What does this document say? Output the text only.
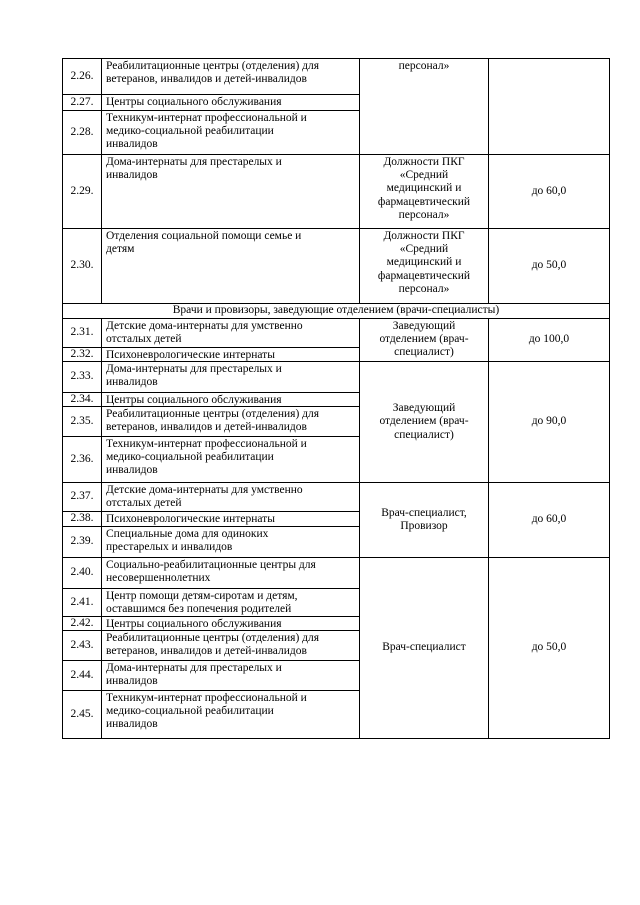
Врачи и провизоры, заведующие отделением (врачи-специалисты)
2.26.
Реабилитационные центры (отделения) для
ветеранов, инвалидов и детей-инвалидов
2.27. Центры социального обслуживания
2.28.
Техникум-интернат профессиональной и
медико-социальной реабилитации
инвалидов
2.29.
Дома-интернаты для престарелых и
инвалидов
2.30.
Отделения социальной помощи семье и
детям
2.31.
Детские дома-интернаты для умственно
отсталых детей
2.32. Психоневрологические интернаты
2.33.
Дома-интернаты для престарелых и
инвалидов
2.34. Центры социального обслуживания
2.35.
Реабилитационные центры (отделения) для
ветеранов, инвалидов и детей-инвалидов
2.36.
Техникум-интернат профессиональной и
медико-социальной реабилитации
инвалидов
2.37.
Детские дома-интернаты для умственно
отсталых детей
2.38. Психоневрологические интернаты
2.39.
Специальные дома для одиноких
престарелых и инвалидов
2.40.
Социально-реабилитационные центры для
несовершеннолетних
2.41. Центр помощи детям-сиротам и детям,
оставшимся без попечения родителей
2.42. Центры социального обслуживания
2.43.
Реабилитационные центры (отделения) для
ветеранов, инвалидов и детей-инвалидов
2.44.
Дома-интернаты для престарелых и
инвалидов
2.45.
Техникум-интернат профессиональной и
медико-социальной реабилитации
инвалидов
персонал»
Должности ПКГ
«Средний
медицинский и
фармацевтический
персонал»
до 60,0
Должности ПКГ
«Средний
медицинский и
фармацевтический
персонал»
до 50,0
Заведующий
отделением (врач-
специалист)
до 100,0
Заведующий
отделением (врач-
специалист)
до 90,0
Врач-специалист,
Провизор
до 60,0
Врач-специалист	до 50,0
